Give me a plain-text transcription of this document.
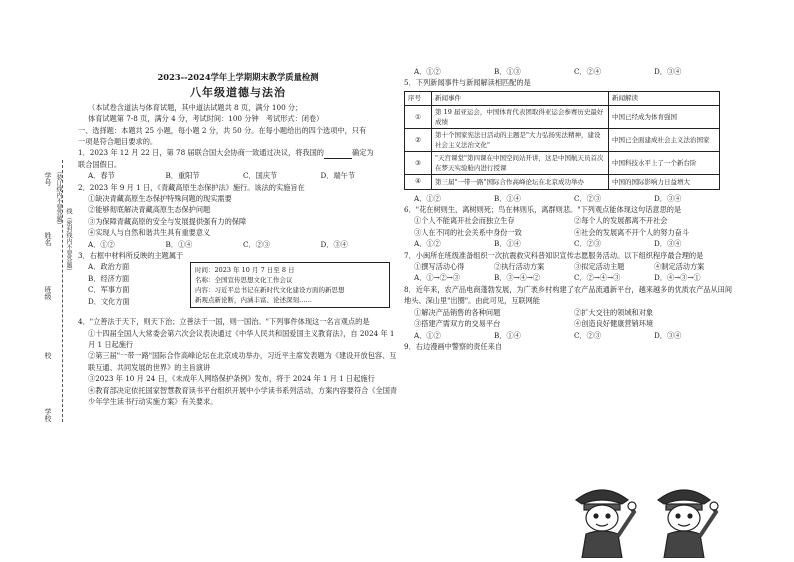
学号
姓名
班级
校
学校
（装订线内不要答题）
线（密封线内不要答题）
2023--2024学年上学期期末教学质量检测
八年级道德与法治

（本试卷含道法与体育试题，其中道法试题共 8 页，满分 100 分；

体育试题第 7-8 页，满分 4 分，考试时间：100 分钟　考试形式：闭卷）

一、选择题：本题共 25 小题，每小题 2 分，共 50 分。在每小题给出的四个选项中，只有

一项是符合题目要求的。

1．2023 年 12 月 22 日，第 78 届联合国大会协商一致通过决议，将我国的	确定为

联合国假日。

A．春节	B．重阳节	C．国庆节	D．端午节

2．2023 年 9 月 1 日，《青藏高原生态保护法》施行。该法的实施旨在

①缺决青藏高原生态保护特殊问题的现实需要

②能够彻底解决青藏高原生态保护问题

③为保障青藏高原的安全与发展提供强有力的保障

④实现人与自然和谐共生具有重要意义

A．①②	B．①④	C．②③	D．③④

3．右框中材料所反映的主题属于

A．政治方面
B．经济方面
C．军事方面
D．文化方面
时间：2023 年 10 月 7 日至 8 日
名称：全国宣传思想文化工作会议
内容：习近平总书记在新时代文化建设方面的新思想
新观点新论断，内涵丰富、论述深刻……

4．"立善法于天下，则天下治；立善法于一国，则一国治。"下列事件体现这一名言观点的是

①十四届全国人大常委会第六次会议表决通过《中华人民共和国爱国主义教育法》，自 2024 年 1 月 1 日起施行

②第三届"一带一路"国际合作高峰论坛在北京成功举办，习近平主席发表题为《建设开放包容、互联互通、共同发展的世界》的主旨演讲

③2023 年 10 月 24 日，《未成年人网络保护条例》发布，将于 2024 年 1 月 1 日起施行

④教育部决定依托国家智慧教育读书平台组织开展中小学读书系列活动，方案内容要符合《全国青少年学生读书行动实施方案》有关要求。

A．①②	B．①③	C．②④	D．③④

5．下列新闻事件与新闻解读相匹配的是

序号	新闻事件	新闻解读
①	第 19 届亚运会，中国体育代表团取得亚运会参赛历史最好成绩	中国已经成为体育强国
②	第十个国家宪法日活动的主题是"大力弘扬宪法精神，建设社会主义法治文化"	中国已全面建成社会主义法治国家
③	"天宫课堂"第四课在中国空间站开讲，这是中国航天员首次在梦天实验舱内进行授课	中国科技水平上了一个新台阶
④	第三届"一带一路"国际合作高峰论坛在北京成功举办	中国的国际影响力日益增大
A．①②	B．①④	C．②③	D．③④

6．"花在树则生，离树则死；鸟在林则乐，离群则悲。"下列观点能体现这句话意思的是

①个人不能离开社会而独立生存	②每个人的发展都离不开社会
③人在不同的社会关系中身份一致	④社会的发展离不开个人的努力奋斗
A．①②	B．①④	C．②③	D．③④

7．小闽所在班级准备组织一次抗震救灾科普知识宣传志愿服务活动。以下组织程序最合理的是

①撰写活动心得	②执行活动方案	③拟定活动主题	④制定活动方案
A．①→②→③	B．③→④→②	C．②→④→③	D．④→③→①

8．近年来，农产品电商蓬勃发展，为广袤乡村构建了农产品流通新平台，越来越多的优质农产品从田间地头、深山里"出圈"。由此可见，互联网能

①解决产品销售的各种问题	②扩大交往的领域和对象
③搭建产需双方的交易平台	④创造良好健康营销环境
A．①②	B．①④	C．②③	D．③④

9．右边漫画中警察的责任来自
